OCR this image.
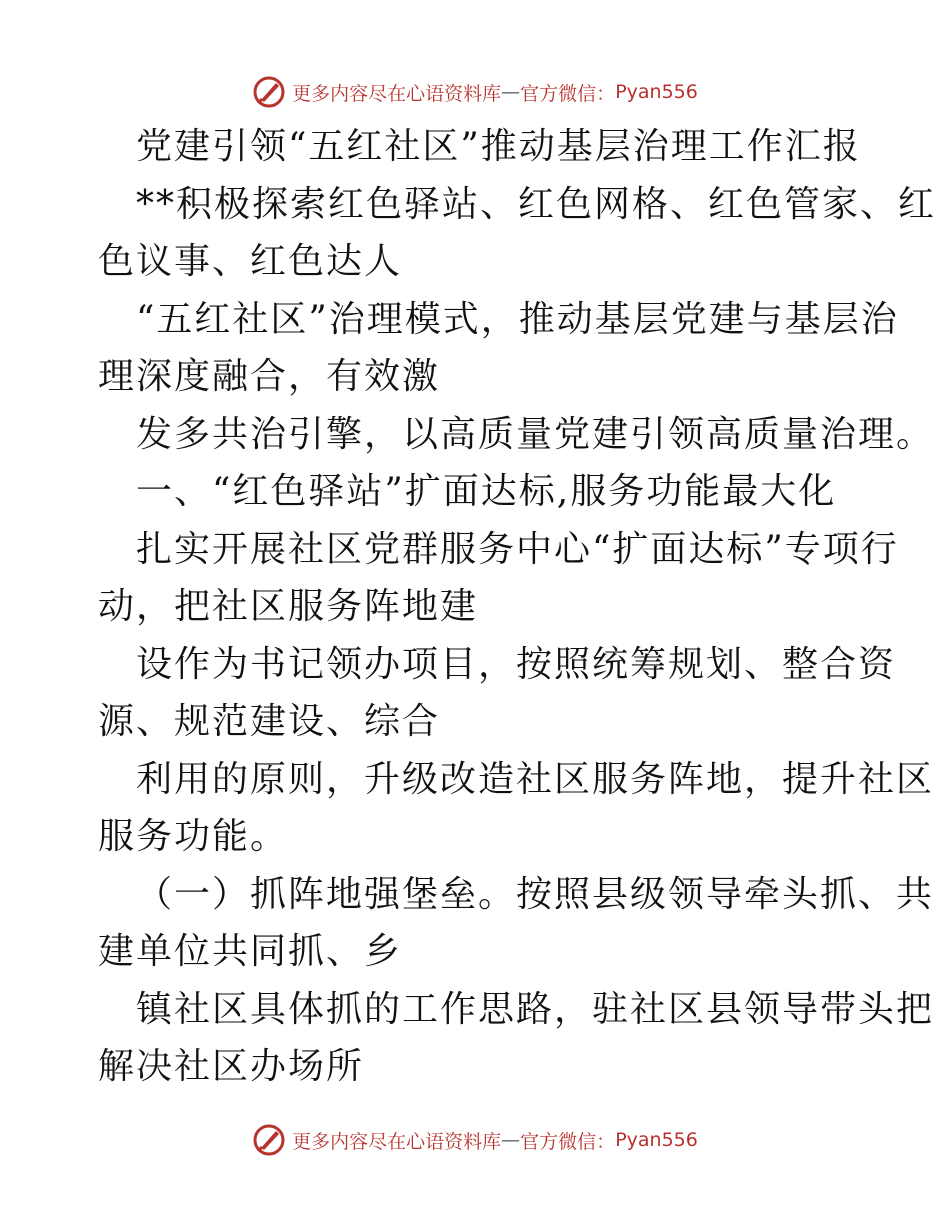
更多内容尽在心语资料库 — 官方微信： Pyan556

党建引领“五红社区”推动基层治理工作汇报

**积极探索红色驿站、红色网格、红色管家、红

色议事、红色达人

“五红社区”治理模式，推动基层党建与基层治

理深度融合，有效激

发多共治引擎，以高质量党建引领高质量治理。

一、“红色驿站”扩面达标,服务功能最大化

扎实开展社区党群服务中心“扩面达标”专项行

动，把社区服务阵地建

设作为书记领办项目，按照统筹规划、整合资

源、规范建设、综合

利用的原则，升级改造社区服务阵地，提升社区

服务功能。

（一）抓阵地强堡垒。按照县级领导牵头抓、共

建单位共同抓、乡

镇社区具体抓的工作思路，驻社区县领导带头把

解决社区办场所

更多内容尽在心语资料库 — 官方微信： Pyan556
